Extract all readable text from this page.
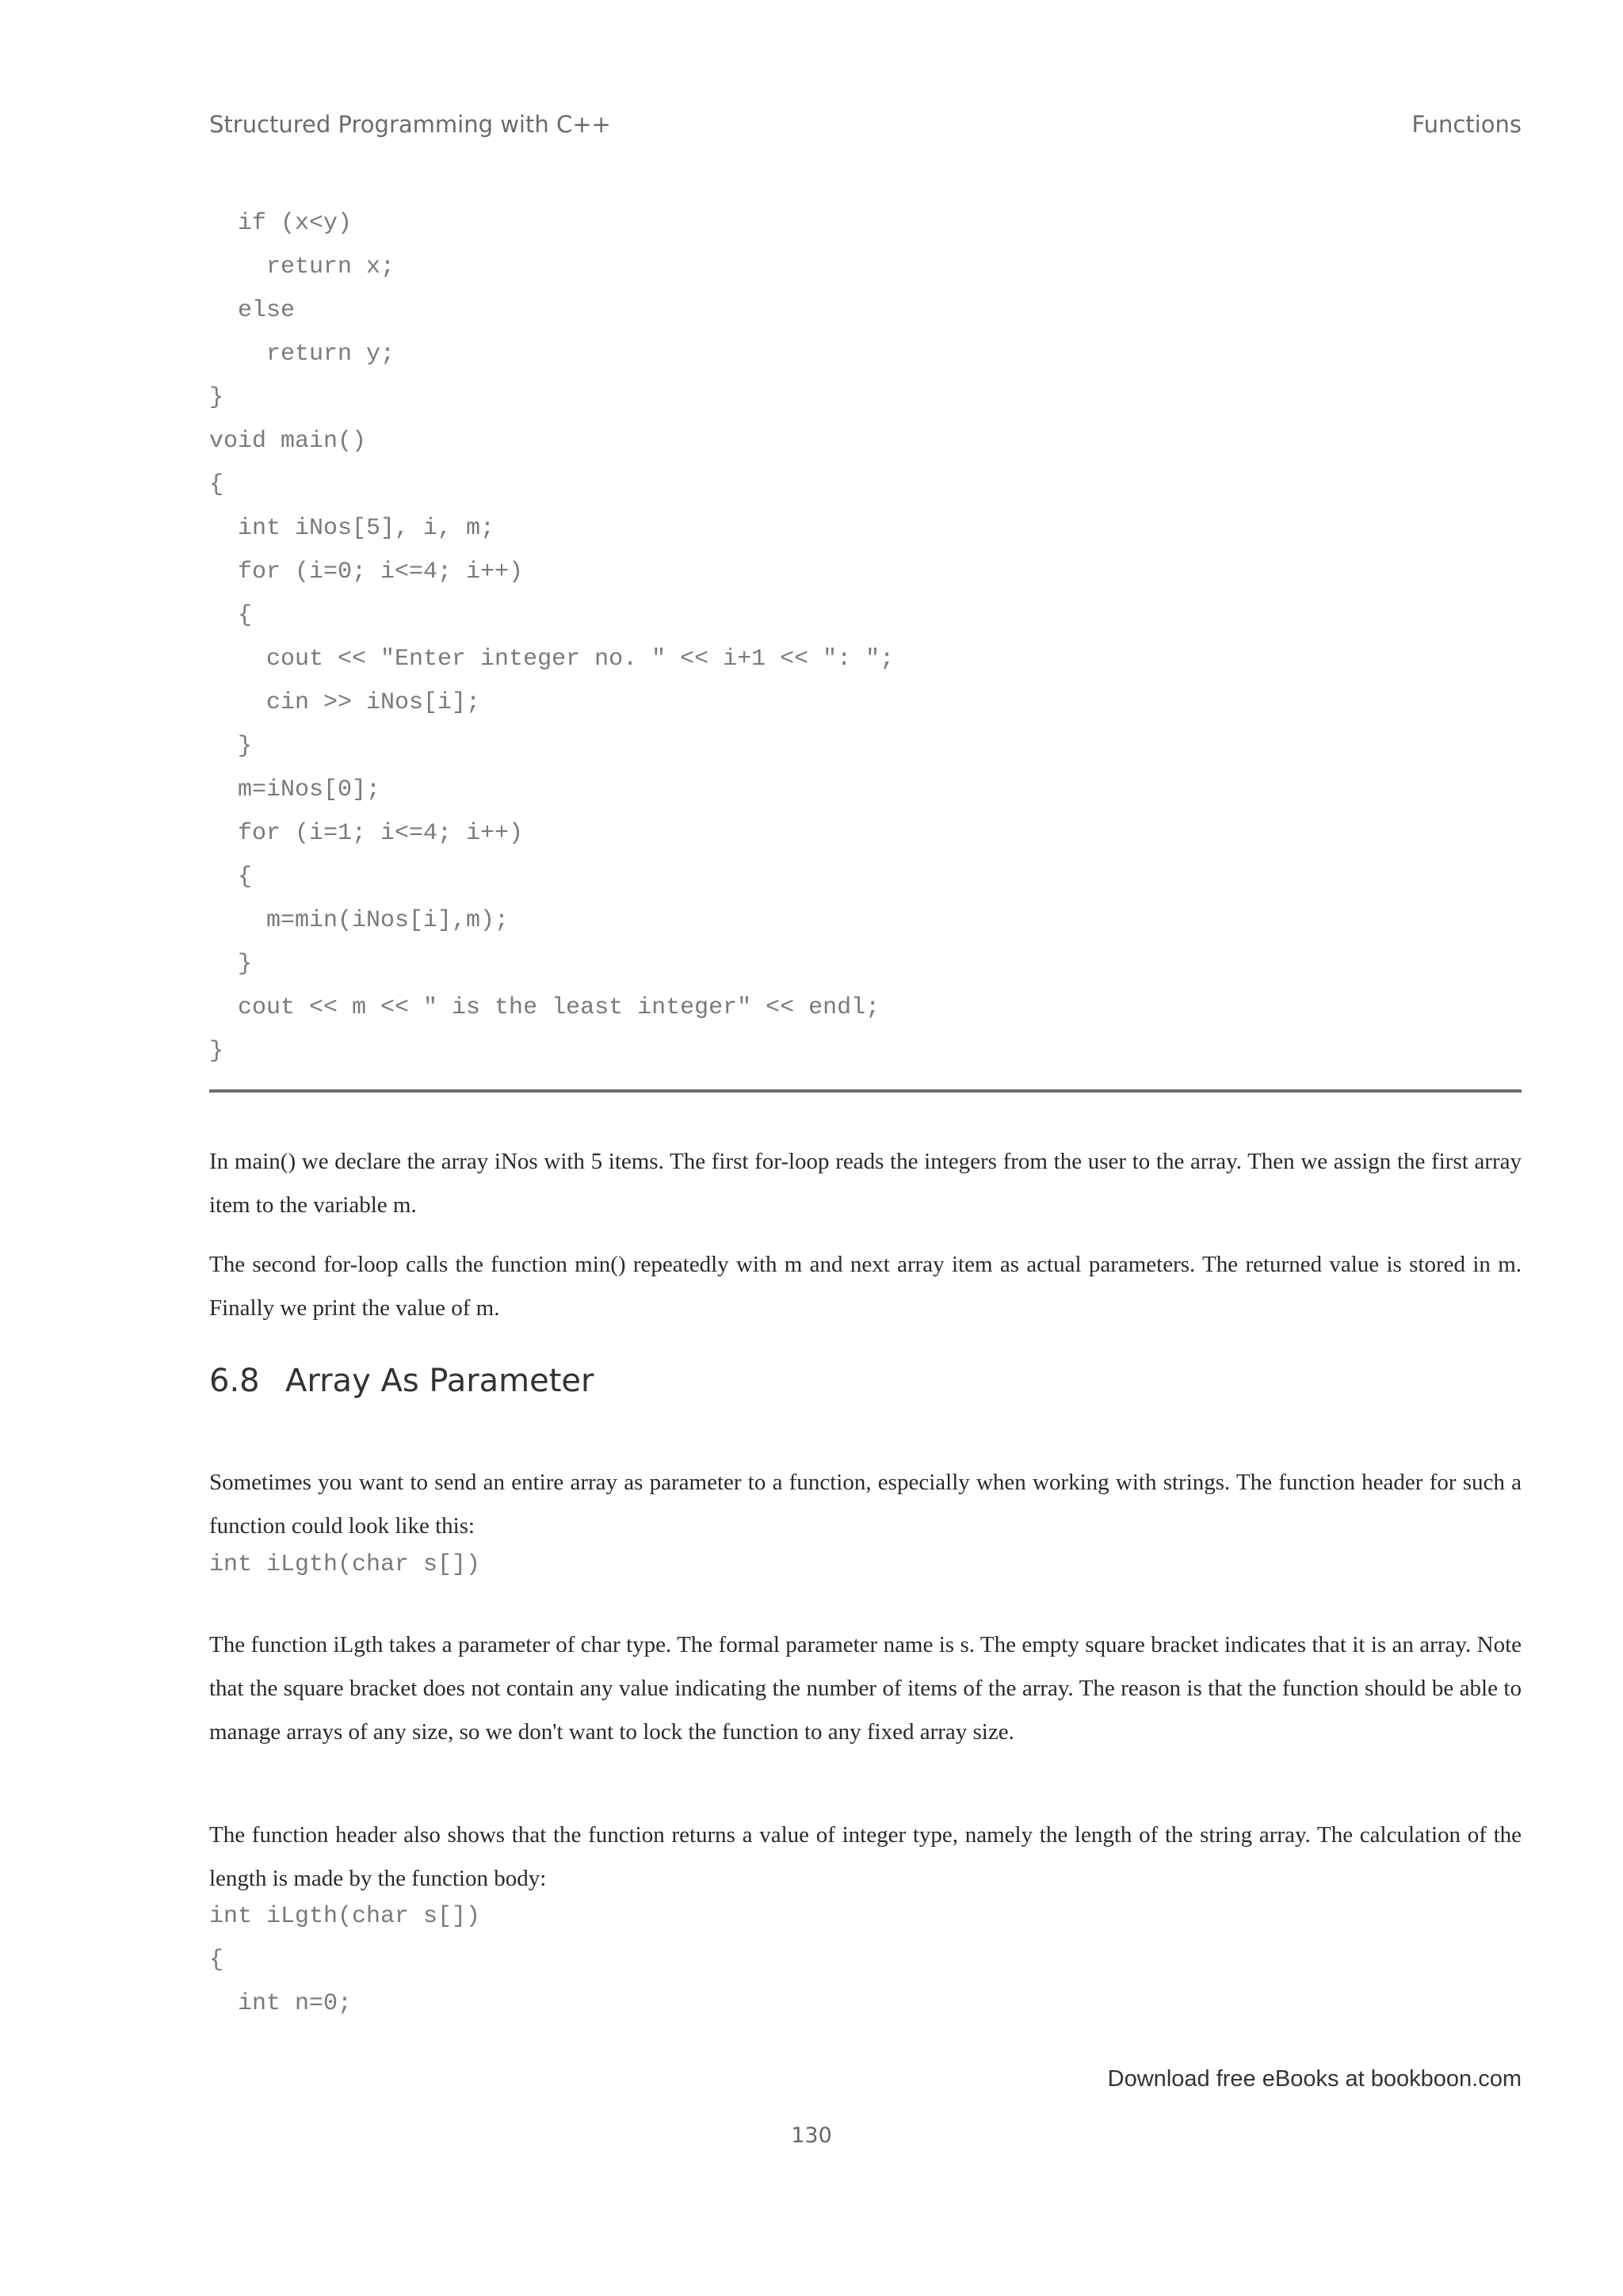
Structured Programming with C++	Functions
if (x<y)
return x;
else
return y;
}
void main()
{
int iNos[5], i, m;
for (i=0; i<=4; i++)
{
cout << "Enter integer no. " << i+1 << ": ";
cin >> iNos[i];
}
m=iNos[0];
for (i=1; i<=4; i++)
{
m=min(iNos[i],m);
}
cout << m << " is the least integer" << endl;
}

In main() we declare the array iNos with 5 items. The first for-loop reads the integers from the user to the array. Then we assign the first array item to the variable m.

The second for-loop calls the function min() repeatedly with m and next array item as actual parameters. The returned value is stored in m. Finally we print the value of m.

6.8 Array As Parameter

Sometimes you want to send an entire array as parameter to a function, especially when working with strings. The function header for such a function could look like this:

int iLgth(char s[])

The function iLgth takes a parameter of char type. The formal parameter name is s. The empty square bracket indicates that it is an array. Note that the square bracket does not contain any value indicating the number of items of the array. The reason is that the function should be able to manage arrays of any size, so we don't want to lock the function to any fixed array size.

The function header also shows that the function returns a value of integer type, namely the length of the string array. The calculation of the length is made by the function body:

int iLgth(char s[])
{
int n=0;
Download free eBooks at bookboon.com
130
